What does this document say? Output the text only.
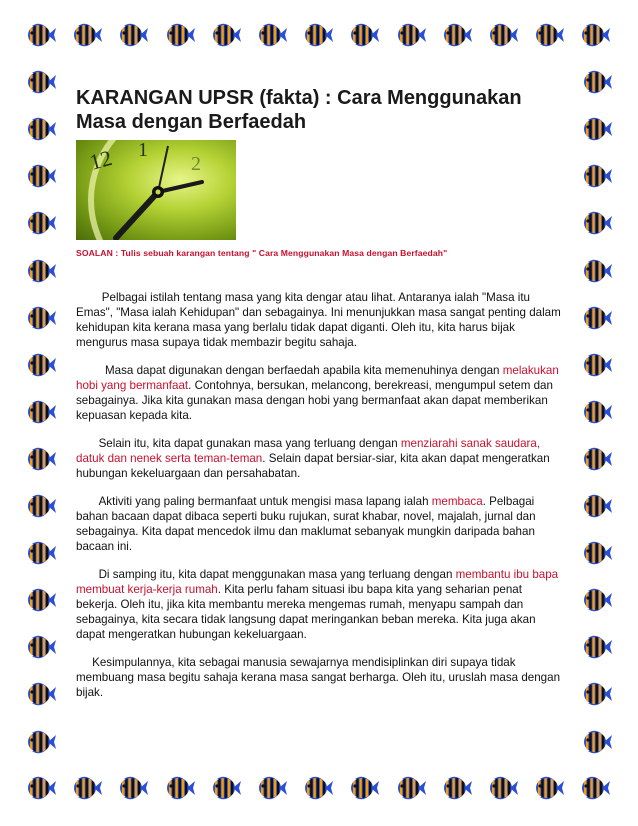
KARANGAN UPSR (fakta) : Cara Menggunakan Masa dengan Berfaedah
12 1
2
SOALAN : Tulis sebuah karangan tentang " Cara Menggunakan Masa dengan Berfaedah"

Pelbagai istilah tentang masa yang kita dengar atau lihat. Antaranya ialah "Masa itu Emas", "Masa ialah Kehidupan" dan sebagainya. Ini menunjukkan masa sangat penting dalam kehidupan kita kerana masa yang berlalu tidak dapat diganti. Oleh itu, kita harus bijak mengurus masa supaya tidak membazir begitu sahaja.

Masa dapat digunakan dengan berfaedah apabila kita memenuhinya dengan melakukan hobi yang bermanfaat. Contohnya, bersukan, melancong, berekreasi, mengumpul setem dan sebagainya. Jika kita gunakan masa dengan hobi yang bermanfaat akan dapat memberikan kepuasan kepada kita.

Selain itu, kita dapat gunakan masa yang terluang dengan menziarahi sanak saudara, datuk dan nenek serta teman-teman. Selain dapat bersiar-siar, kita akan dapat mengeratkan hubungan kekeluargaan dan persahabatan.

Aktiviti yang paling bermanfaat untuk mengisi masa lapang ialah membaca. Pelbagai bahan bacaan dapat dibaca seperti buku rujukan, surat khabar, novel, majalah, jurnal dan sebagainya. Kita dapat mencedok ilmu dan maklumat sebanyak mungkin daripada bahan bacaan ini.

Di samping itu, kita dapat menggunakan masa yang terluang dengan membantu ibu bapa membuat kerja-kerja rumah. Kita perlu faham situasi ibu bapa kita yang seharian penat bekerja. Oleh itu, jika kita membantu mereka mengemas rumah, menyapu sampah dan sebagainya, kita secara tidak langsung dapat meringankan beban mereka. Kita juga akan dapat mengeratkan hubungan kekeluargaan.

Kesimpulannya, kita sebagai manusia sewajarnya mendisiplinkan diri supaya tidak membuang masa begitu sahaja kerana masa sangat berharga. Oleh itu, uruslah masa dengan bijak.
